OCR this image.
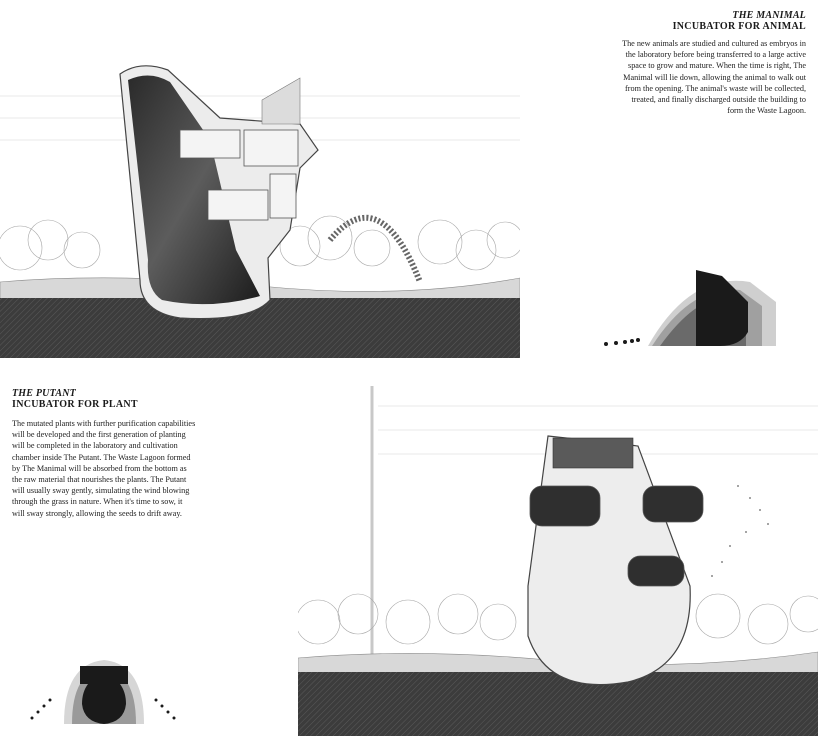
THE MANIMAL
INCUBATOR FOR ANIMAL
The new animals are studied and cultured as embryos in
the laboratory before being transferred to a large active
space to grow and mature. When the time is right, The
Manimal will lie down, allowing the animal to walk out
from the opening. The animal's waste will be collected,
treated, and finally discharged outside the building to
form the Waste Lagoon.
THE PUTANT
INCUBATOR FOR PLANT
The mutated plants with further purification capabilities
will be developed and the first generation of planting
will be completed in the laboratory and cultivation
chamber inside The Putant. The Waste Lagoon formed
by The Manimal will be absorbed from the bottom as
the raw material that nourishes the plants. The Putant
will usually sway gently, simulating the wind blowing
through the grass in nature. When it's time to sow, it
will sway strongly, allowing the seeds to drift away.
